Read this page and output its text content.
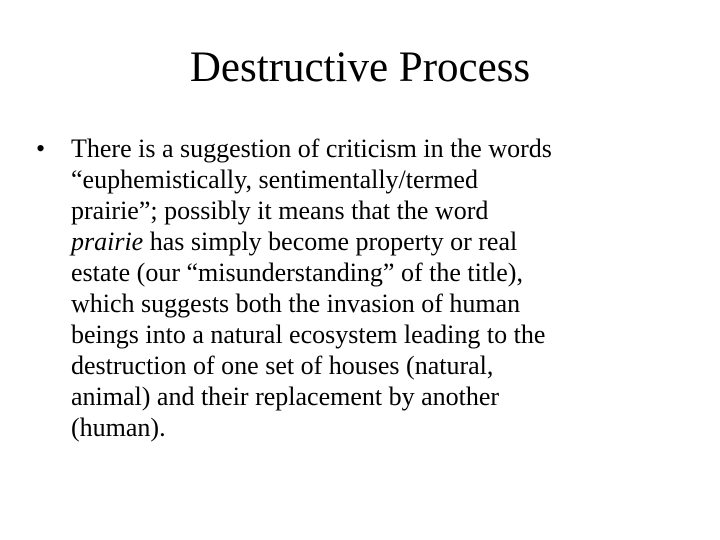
Destructive Process
• There is a suggestion of criticism in the words
“euphemistically, sentimentally/termed
prairie”; possibly it means that the word
prairie has simply become property or real
estate (our “misunderstanding” of the title),
which suggests both the invasion of human
beings into a natural ecosystem leading to the
destruction of one set of houses (natural,
animal) and their replacement by another
(human).
